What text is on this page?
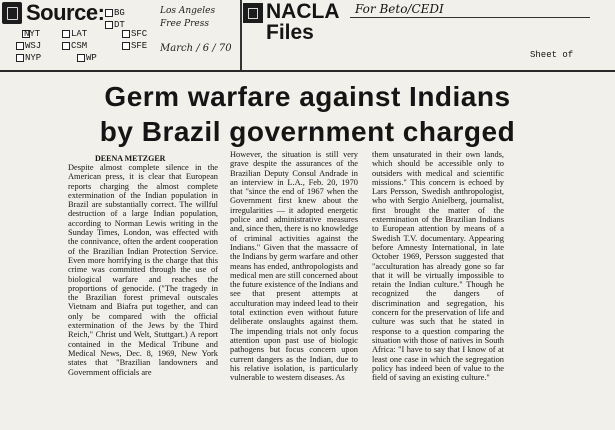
Source: BG
DT
NYT	LAT	SFC
WSJ	CSM	SFE
NYP	WP
Los Angeles
Free Press
March / 6 / 70
NACLA
Files
For Beto/CEDI
Sheet of
Germ warfare against Indians
by Brazil government charged
DEENA METZGER

Despite almost complete silence in the American press, it is clear that European reports charging the almost complete extermination of the Indian population in Brazil are substantially correct. The willful destruction of a large Indian population, according to Norman Lewis writing in the Sunday Times, London, was effected with the connivance, often the ardent cooperation of the Brazilian Indian Protection Service. Even more horrifying is the charge that this crime was committed through the use of biological warfare and reaches the proportions of genocide. ("The tragedy in the Brazilian forest primeval outscales Vietnam and Biafra put together, and can only be compared with the official extermination of the Jews by the Third Reich," Christ und Welt, Stuttgart.) A report contained in the Medical Tribune and Medical News, Dec. 8, 1969, New York states that "Brazilian landowners and Government officials are

However, the situation is still very grave despite the assurances of the Brazilian Deputy Consul Andrade in an interview in L.A., Feb. 20, 1970 that "since the end of 1967 when the Government first knew about the irregularities — it adopted energetic police and administrative measures and, since then, there is no knowledge of criminal activities against the Indians." Given that the massacre of the Indians by germ warfare and other means has ended, anthropologists and medical men are still concerned about the future existence of the Indians and see that present attempts at acculturation may indeed lead to their total extinction even without future deliberate onslaughts against them. The impending trials not only focus attention upon past use of biologic pathogens but focus concern upon current dangers as the Indian, due to his relative isolation, is particularly vulnerable to western diseases. As

them unsaturated in their own lands, which should be accessible only to outsiders with medical and scientific missions." This concern is echoed by Lars Persson, Swedish anthropologist, who with Sergio Anielberg, journalist, first brought the matter of the extermination of the Brazilian Indians to European attention by means of a Swedish T.V. documentary. Appearing before Amnesty International, in late October 1969, Persson suggested that "acculturation has already gone so far that it will be virtually impossible to retain the Indian culture." Though he recognized the dangers of discrimination and segregation, his concern for the preservation of life and culture was such that he stated in response to a question comparing the situation with those of natives in South Africa: "I have to say that I know of at least one case in which the segregation policy has indeed been of value to the field of saving an existing culture."
